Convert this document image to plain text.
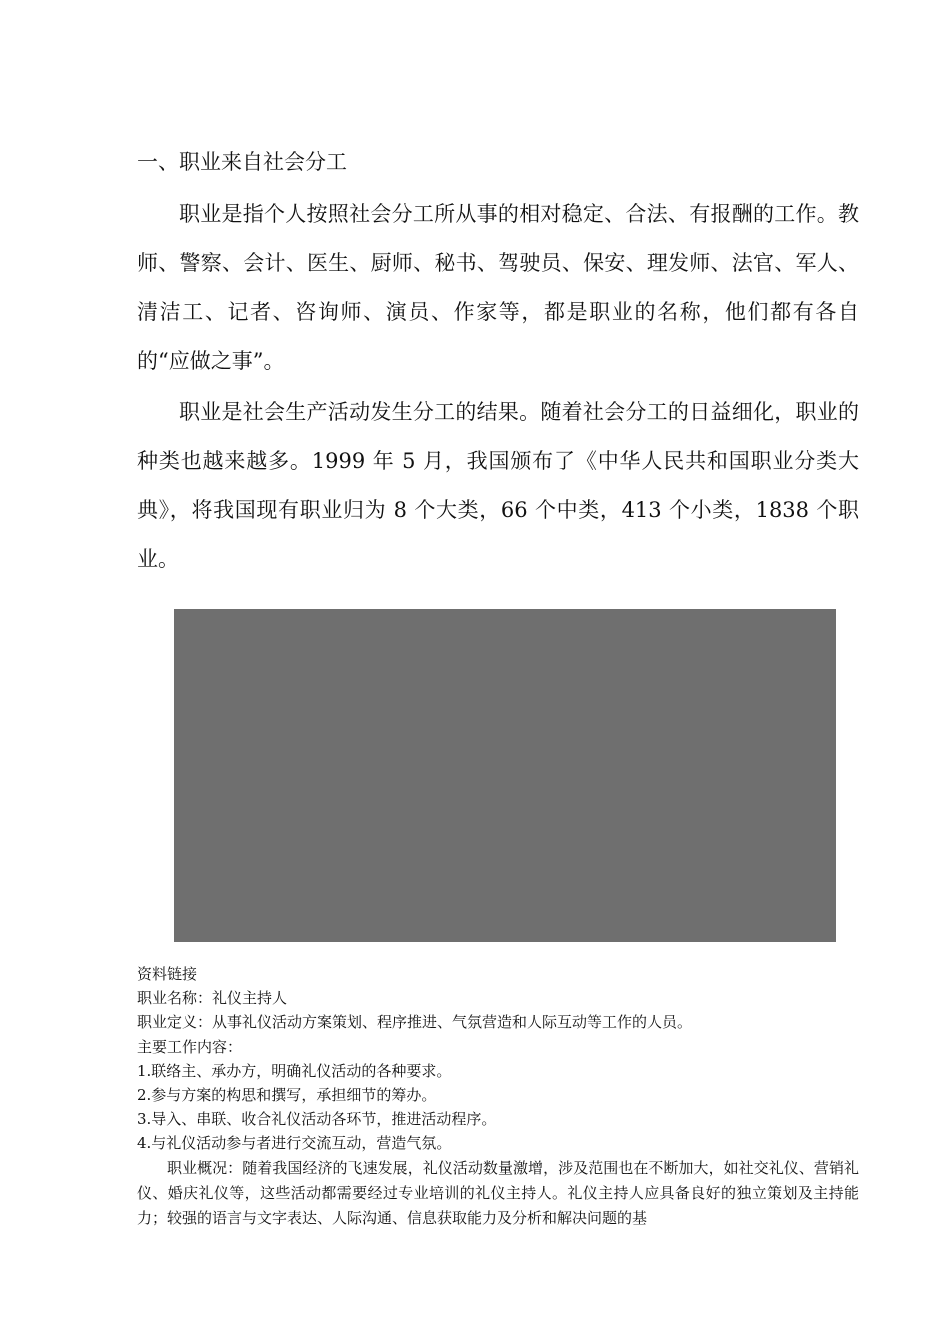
一、职业来自社会分工

职业是指个人按照社会分工所从事的相对稳定、合法、有报酬的工作。教师、警察、会计、医生、厨师、秘书、驾驶员、保安、理发师、法官、军人、清洁工、记者、咨询师、演员、作家等，都是职业的名称，他们都有各自的“应做之事”。

职业是社会生产活动发生分工的结果。随着社会分工的日益细化，职业的种类也越来越多。1999 年 5 月，我国颁布了《中华人民共和国职业分类大典》，将我国现有职业归为 8 个大类，66 个中类，413 个小类，1838 个职业。

资料链接

职业名称：礼仪主持人

职业定义：从事礼仪活动方案策划、程序推进、气氛营造和人际互动等工作的人员。

主要工作内容：

1.联络主、承办方，明确礼仪活动的各种要求。

2.参与方案的构思和撰写，承担细节的筹办。

3.导入、串联、收合礼仪活动各环节，推进活动程序。

4.与礼仪活动参与者进行交流互动，营造气氛。

职业概况：随着我国经济的飞速发展，礼仪活动数量激增，涉及范围也在不断加大，如社交礼仪、营销礼仪、婚庆礼仪等，这些活动都需要经过专业培训的礼仪主持人。礼仪主持人应具备良好的独立策划及主持能力；较强的语言与文字表达、人际沟通、信息获取能力及分析和解决问题的基
